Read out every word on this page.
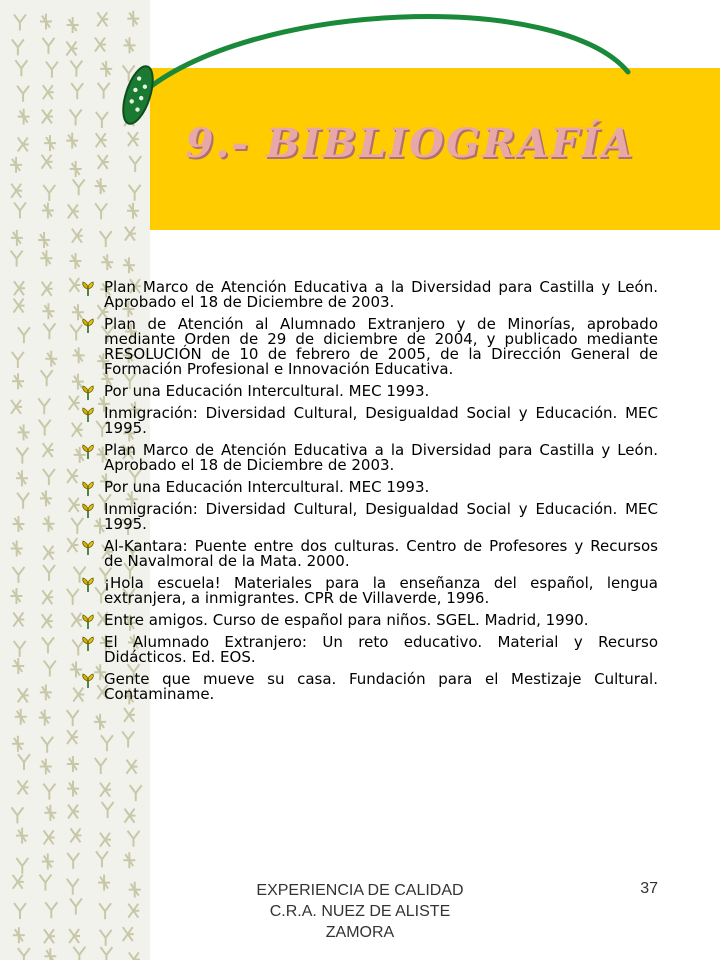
9.- BIBLIOGRAFÍA
Plan Marco de Atención Educativa a la Diversidad para Castilla y León. Aprobado el 18 de Diciembre de 2003.
Plan de Atención al Alumnado Extranjero y de Minorías, aprobado mediante Orden de 29 de diciembre de 2004, y publicado mediante RESOLUCIÓN de 10 de febrero de 2005, de la Dirección General de Formación Profesional e Innovación Educativa.
Por una Educación Intercultural. MEC 1993.
Inmigración: Diversidad Cultural, Desigualdad Social y Educación. MEC 1995.
Plan Marco de Atención Educativa a la Diversidad para Castilla y León. Aprobado el 18 de Diciembre de 2003.
Por una Educación Intercultural. MEC 1993.
Inmigración: Diversidad Cultural, Desigualdad Social y Educación. MEC 1995.
Al-Kantara: Puente entre dos culturas. Centro de Profesores y Recursos de Navalmoral de la Mata. 2000.
¡Hola escuela! Materiales para la enseñanza del español, lengua extranjera, a inmigrantes. CPR de Villaverde, 1996.
Entre amigos. Curso de español para niños. SGEL. Madrid, 1990.
El Alumnado Extranjero: Un reto educativo. Material y Recurso Didácticos. Ed. EOS.
Gente que mueve su casa. Fundación para el Mestizaje Cultural. Contaminame.
EXPERIENCIA DE CALIDAD
C.R.A. NUEZ DE ALISTE
ZAMORA
37
